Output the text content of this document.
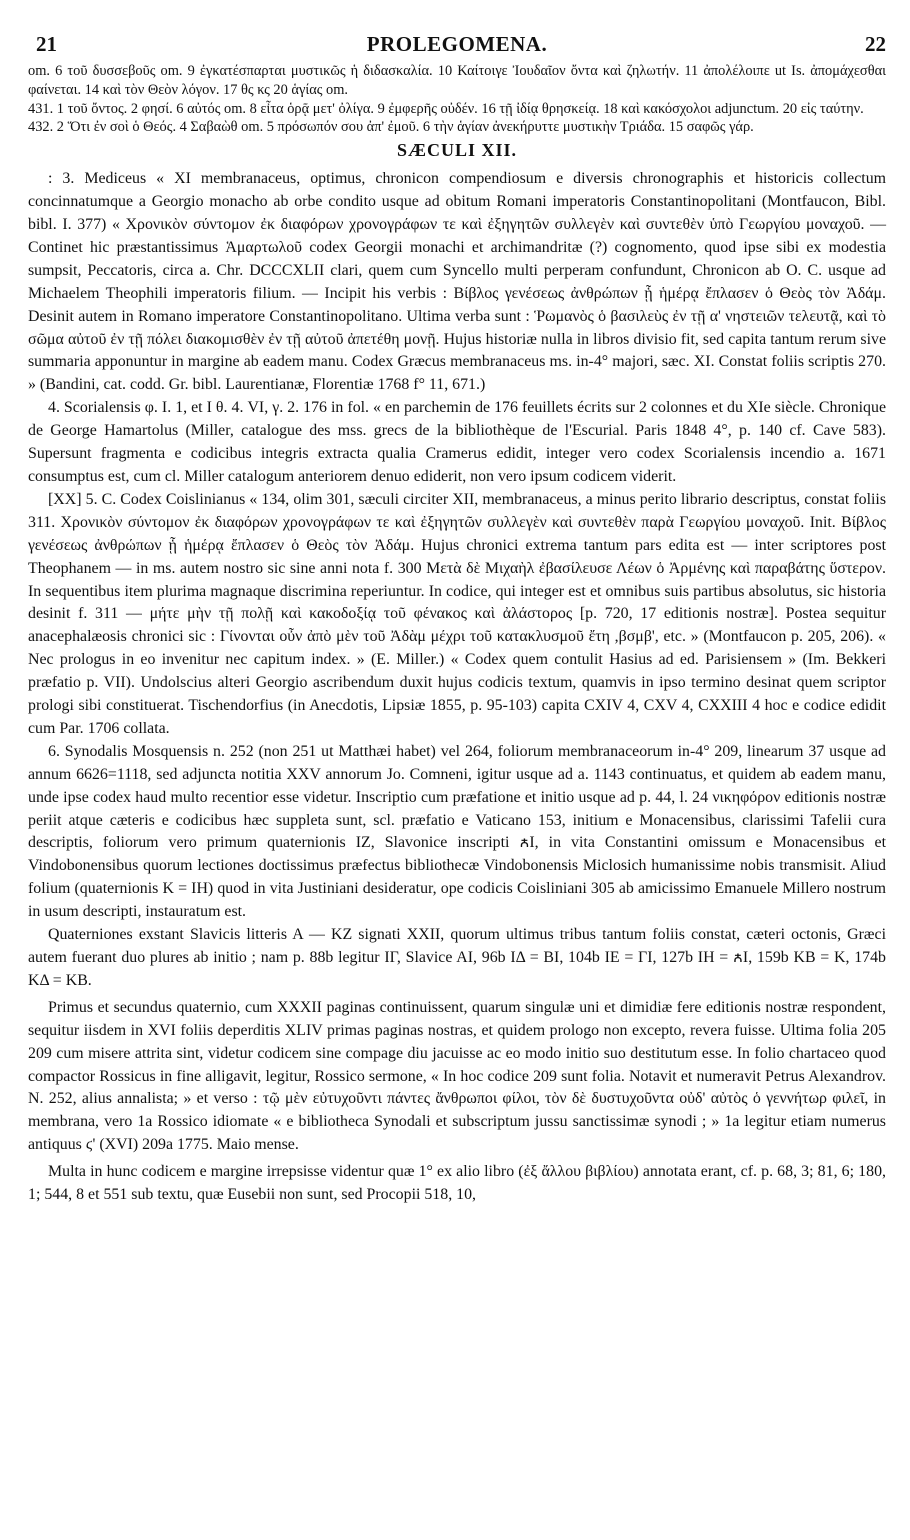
21	PROLEGOMENA.	22

om. 6 τοῦ δυσσεβοῦς om. 9 ἐγκατέσπαρται μυστικῶς ἡ διδασκαλία. 10 Καίτοιγε Ἰουδαῖον ὄντα καὶ ζηλωτήν. 11 ἀπολέλοιπε ut Is. ἀπομάχεσθαι φαίνεται. 14 καὶ τὸν Θεὸν λόγον. 17 θς κς 20 ἁγίας om.

431. 1 τοῦ ὄντος. 2 φησί. 6 αὐτός om. 8 εἶτα ὁρᾷ μετ' ὀλίγα. 9 ἐμφερῆς οὐδέν. 16 τῇ ἰδίᾳ θρησκείᾳ. 18 καὶ κακόσχολοι adjunctum. 20 εἰς ταύτην.

432. 2 Ὅτι ἐν σοὶ ὁ Θεός. 4 Σαβαὼθ om. 5 πρόσωπόν σου ἀπ' ἐμοῦ. 6 τὴν ἁγίαν ἀνεκήρυττε μυστικὴν Τριάδα. 15 σαφῶς γάρ.

SÆCULI XII.

: 3. Mediceus « XI membranaceus, optimus, chronicon compendiosum e diversis chronographis et historicis collectum concinnatumque a Georgio monacho ab orbe condito usque ad obitum Romani imperatoris Constantinopolitani (Montfaucon, Bibl. bibl. I. 377) « Χρονικὸν σύντομον ἐκ διαφόρων χρονογράφων τε καὶ ἐξηγητῶν συλλεγὲν καὶ συντεθὲν ὑπὸ Γεωργίου μοναχοῦ. — Continet hic præstantissimus Ἁμαρτωλοῦ codex Georgii monachi et archimandritæ (?) cognomento, quod ipse sibi ex modestia sumpsit, Peccatoris, circa a. Chr. DCCCXLII clari, quem cum Syncello multi perperam confundunt, Chronicon ab O. C. usque ad Michaelem Theophili imperatoris filium. — Incipit his verbis : Βίβλος γενέσεως ἀνθρώπων ᾗ ἡμέρᾳ ἔπλασεν ὁ Θεὸς τὸν Ἀδάμ. Desinit autem in Romano imperatore Constantinopolitano. Ultima verba sunt : Ῥωμανὸς ὁ βασιλεὺς ἐν τῇ α' νηστειῶν τελευτᾷ, καὶ τὸ σῶμα αὐτοῦ ἐν τῇ πόλει διακομισθὲν ἐν τῇ αὐτοῦ ἀπετέθη μονῇ. Hujus historiæ nulla in libros divisio fit, sed capita tantum rerum sive summaria apponuntur in margine ab eadem manu. Codex Græcus membranaceus ms. in-4° majori, sæc. XI. Constat foliis scriptis 270. » (Bandini, cat. codd. Gr. bibl. Laurentianæ, Florentiæ 1768 f° 11, 671.)

4. Scorialensis φ. I. 1, et I θ. 4. VI, γ. 2. 176 in fol. « en parchemin de 176 feuillets écrits sur 2 colonnes et du XIe siècle. Chronique de George Hamartolus (Miller, catalogue des mss. grecs de la bibliothèque de l'Escurial. Paris 1848 4°, p. 140 cf. Cave 583). Supersunt fragmenta e codicibus integris extracta qualia Cramerus edidit, integer vero codex Scorialensis incendio a. 1671 consumptus est, cum cl. Miller catalogum anteriorem denuo ediderit, non vero ipsum codicem viderit.

[XX] 5. C. Codex Coislinianus « 134, olim 301, sæculi circiter XII, membranaceus, a minus perito librario descriptus, constat foliis 311. Χρονικὸν σύντομον ἐκ διαφόρων χρονογράφων τε καὶ ἐξηγητῶν συλλεγὲν καὶ συντεθὲν παρὰ Γεωργίου μοναχοῦ. Init. Βίβλος γενέσεως ἀνθρώπων ᾗ ἡμέρᾳ ἔπλασεν ὁ Θεὸς τὸν Ἀδάμ. Hujus chronici extrema tantum pars edita est — inter scriptores post Theophanem — in ms. autem nostro sic sine anni nota f. 300 Μετὰ δὲ Μιχαὴλ ἐβασίλευσε Λέων ὁ Ἀρμένης καὶ παραβάτης ὕστερον. In sequentibus item plurima magnaque discrimina reperiuntur. In codice, qui integer est et omnibus suis partibus absolutus, sic historia desinit f. 311 — μήτε μὴν τῇ πολῇ καὶ κακοδοξίᾳ τοῦ φένακος καὶ ἀλάστορος [p. 720, 17 editionis nostræ]. Postea sequitur anacephalæosis chronici sic : Γίνονται οὖν ἀπὸ μὲν τοῦ Ἀδὰμ μέχρι τοῦ κατακλυσμοῦ ἔτη ,βσμβ', etc. » (Montfaucon p. 205, 206). « Nec prologus in eo invenitur nec capitum index. » (E. Miller.) « Codex quem contulit Hasius ad ed. Parisiensem » (Im. Bekkeri præfatio p. VII). Undolscius alteri Georgio ascribendum duxit hujus codicis textum, quamvis in ipso termino desinat quem scriptor prologi sibi constituerat. Tischendorfius (in Anecdotis, Lipsiæ 1855, p. 95-103) capita CXIV 4, CXV 4, CXXIII 4 hoc e codice edidit cum Par. 1706 collata.

6. Synodalis Mosquensis n. 252 (non 251 ut Matthæi habet) vel 264, foliorum membranaceorum in-4° 209, linearum 37 usque ad annum 6626=1118, sed adjuncta notitia XXV annorum Jo. Comneni, igitur usque ad a. 1143 continuatus, et quidem ab eadem manu, unde ipse codex haud multo recentior esse videtur. Inscriptio cum præfatione et initio usque ad p. 44, l. 24 νικηφόρον editionis nostræ periit atque cæteris e codicibus hæc suppleta sunt, scl. præfatio e Vaticano 153, initium e Monacensibus, clarissimi Tafelii cura descriptis, foliorum vero primum quaternionis IZ, Slavonice inscripti ꙉI, in vita Constantini omissum e Monacensibus et Vindobonensibus quorum lectiones doctissimus præfectus bibliothecæ Vindobonensis Miclosich humanissime nobis transmisit. Aliud folium (quaternionis K = IH) quod in vita Justiniani desideratur, ope codicis Coisliniani 305 ab amicissimo Emanuele Millero nostrum in usum descripti, instauratum est.

Quaterniones exstant Slavicis litteris A — KZ signati XXII, quorum ultimus tribus tantum foliis constat, cæteri octonis, Græci autem fuerant duo plures ab initio ; nam p. 88b legitur IΓ, Slavice AI, 96b IΔ = BI, 104b IE = ΓI, 127b IH = ꙉI, 159b KB = K, 174b KΔ = KB.

Primus et secundus quaternio, cum XXXII paginas continuissent, quarum singulæ uni et dimidiæ fere editionis nostræ respondent, sequitur iisdem in XVI foliis deperditis XLIV primas paginas nostras, et quidem prologo non excepto, revera fuisse. Ultima folia 205 209 cum misere attrita sint, videtur codicem sine compage diu jacuisse ac eo modo initio suo destitutum esse. In folio chartaceo quod compactor Rossicus in fine alligavit, legitur, Rossico sermone, « In hoc codice 209 sunt folia. Notavit et numeravit Petrus Alexandrov. N. 252, alius annalista; » et verso : τῷ μὲν εὐτυχοῦντι πάντες ἄνθρωποι φίλοι, τὸν δὲ δυστυχοῦντα οὐδ' αὐτὸς ὁ γεννήτωρ φιλεῖ, in membrana, vero 1a Rossico idiomate « e bibliotheca Synodali et subscriptum jussu sanctissimæ synodi ; » 1a legitur etiam numerus antiquus ϛ' (XVI) 209a 1775. Maio mense.

Multa in hunc codicem e margine irrepsisse videntur quæ 1° ex alio libro (ἐξ ἄλλου βιβλίου) annotata erant, cf. p. 68, 3; 81, 6; 180, 1; 544, 8 et 551 sub textu, quæ Eusebii non sunt, sed Procopii 518, 10,
